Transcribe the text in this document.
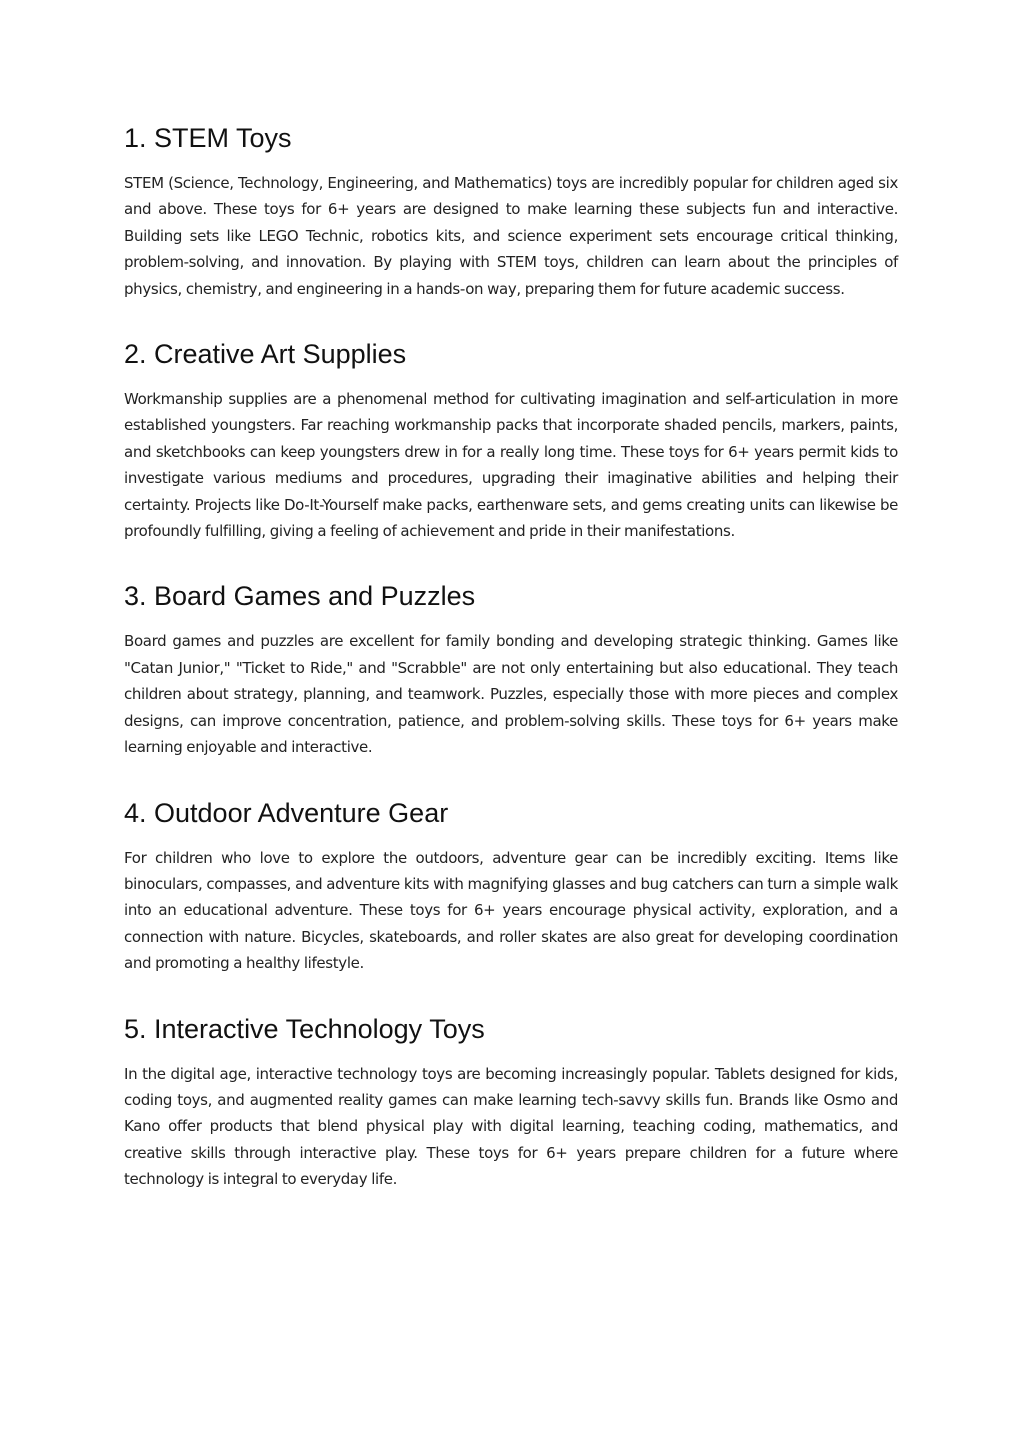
1. STEM Toys

STEM (Science, Technology, Engineering, and Mathematics) toys are incredibly popular for children aged six and above. These toys for 6+ years are designed to make learning these subjects fun and interactive. Building sets like LEGO Technic, robotics kits, and science experiment sets encourage critical thinking, problem-solving, and innovation. By playing with STEM toys, children can learn about the principles of physics, chemistry, and engineering in a hands-on way, preparing them for future academic success.

2. Creative Art Supplies

Workmanship supplies are a phenomenal method for cultivating imagination and self-articulation in more established youngsters. Far reaching workmanship packs that incorporate shaded pencils, markers, paints, and sketchbooks can keep youngsters drew in for a really long time. These toys for 6+ years permit kids to investigate various mediums and procedures, upgrading their imaginative abilities and helping their certainty. Projects like Do-It-Yourself make packs, earthenware sets, and gems creating units can likewise be profoundly fulfilling, giving a feeling of achievement and pride in their manifestations.

3. Board Games and Puzzles

Board games and puzzles are excellent for family bonding and developing strategic thinking. Games like "Catan Junior," "Ticket to Ride," and "Scrabble" are not only entertaining but also educational. They teach children about strategy, planning, and teamwork. Puzzles, especially those with more pieces and complex designs, can improve concentration, patience, and problem-solving skills. These toys for 6+ years make learning enjoyable and interactive.

4. Outdoor Adventure Gear

For children who love to explore the outdoors, adventure gear can be incredibly exciting. Items like binoculars, compasses, and adventure kits with magnifying glasses and bug catchers can turn a simple walk into an educational adventure. These toys for 6+ years encourage physical activity, exploration, and a connection with nature. Bicycles, skateboards, and roller skates are also great for developing coordination and promoting a healthy lifestyle.

5. Interactive Technology Toys

In the digital age, interactive technology toys are becoming increasingly popular. Tablets designed for kids, coding toys, and augmented reality games can make learning tech-savvy skills fun. Brands like Osmo and Kano offer products that blend physical play with digital learning, teaching coding, mathematics, and creative skills through interactive play. These toys for 6+ years prepare children for a future where technology is integral to everyday life.
